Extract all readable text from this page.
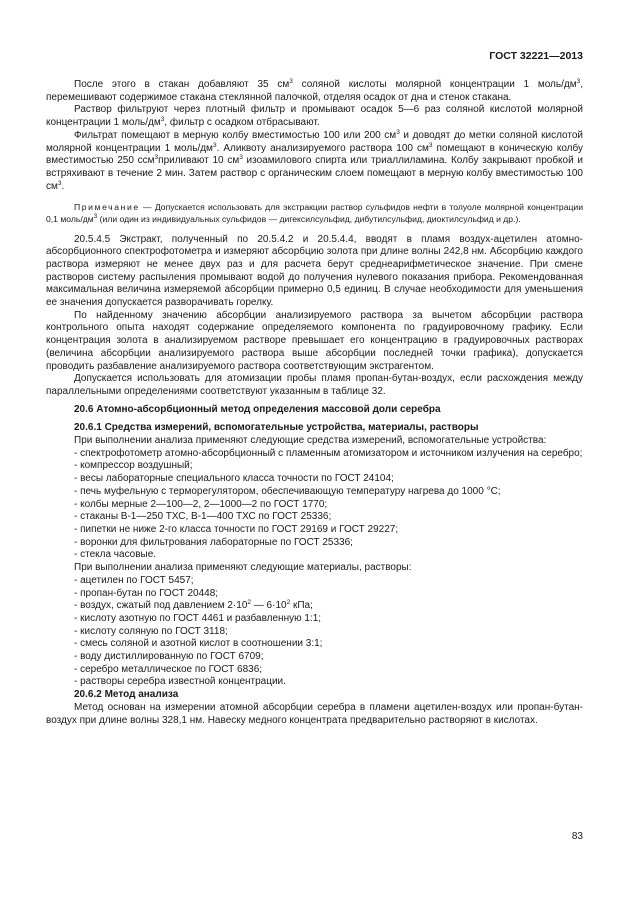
ГОСТ 32221—2013

После этого в стакан добавляют 35 $см^3$ соляной кислоты молярной концентрации 1 моль/$дм^3$, перемешивают содержимое стакана стеклянной палочкой, отделяя осадок от дна и стенок стакана.

Раствор фильтруют через плотный фильтр и промывают осадок 5—6 раз соляной кислотой молярной концентрации 1 моль/$дм^3$, фильтр с осадком отбрасывают.

Фильтрат помещают в мерную колбу вместимостью 100 или 200 $см^3$ и доводят до метки соляной кислотой молярной концентрации 1 моль/$дм^3$. Аликвоту анализируемого раствора 100 $см^3$ помещают в коническую колбу вместимостью 250 ссм$^3$приливают 10 $см^3$ изоамилового спирта или триаллиламина. Колбу закрывают пробкой и встряхивают в течение 2 мин. Затем раствор с органическим слоем помещают в мерную колбу вместимостью 100 $см^3$.

Примечание — Допускается использовать для экстракции раствор сульфидов нефти в толуоле молярной концентрации 0,1 моль/$дм^3$ (или один из индивидуальных сульфидов — дигексилсульфид, дибутилсульфид, диоктилсульфид и др.).

20.5.4.5 Экстракт, полученный по 20.5.4.2 и 20.5.4.4, вводят в пламя воздух-ацетилен атомно-абсорбционного спектрофотометра и измеряют абсорбцию золота при длине волны 242,8 нм. Абсорбцию каждого раствора измеряют не менее двух раз и для расчета берут среднеарифметическое значение. При смене растворов систему распыления промывают водой до получения нулевого показания прибора. Рекомендованная максимальная величина измеряемой абсорбции примерно 0,5 единиц. В случае необходимости для уменьшения ее значения допускается разворачивать горелку.

По найденному значению абсорбции анализируемого раствора за вычетом абсорбции раствора контрольного опыта находят содержание определяемого компонента по градуировочному графику. Если концентрация золота в анализируемом растворе превышает его концентрацию в градуировочных растворах (величина абсорбции анализируемого раствора выше абсорбции последней точки графика), допускается проводить разбавление анализируемого раствора соответствующим экстрагентом.

Допускается использовать для атомизации пробы пламя пропан-бутан-воздух, если расхождения между параллельными определениями соответствуют указанным в таблице 32.

20.6 Атомно-абсорбционный метод определения массовой доли серебра

20.6.1 Средства измерений, вспомогательные устройства, материалы, растворы

При выполнении анализа применяют следующие средства измерений, вспомогательные устройства:

- спектрофотометр атомно-абсорбционный с пламенным атомизатором и источником излучения на серебро;

- компрессор воздушный;

- весы лабораторные специального класса точности по ГОСТ 24104;

- печь муфельную с терморегулятором, обеспечивающую температуру нагрева до 1000 °С;

- колбы мерные 2—100—2, 2—1000—2 по ГОСТ 1770;

- стаканы В-1—250 ТХС, В-1—400 ТХС по ГОСТ 25336;

- пипетки не ниже 2-го класса точности по ГОСТ 29169 и ГОСТ 29227;

- воронки для фильтрования лабораторные по ГОСТ 25336;

- стекла часовые.

При выполнении анализа применяют следующие материалы, растворы:

- ацетилен по ГОСТ 5457;

- пропан-бутан по ГОСТ 20448;

- воздух, сжатый под давлением $2\cdot 10^2$ — $6\cdot 10^2$ кПа;

- кислоту азотную по ГОСТ 4461 и разбавленную 1:1;

- кислоту соляную по ГОСТ 3118;

- смесь соляной и азотной кислот в соотношении 3:1;

- воду дистиллированную по ГОСТ 6709;

- серебро металлическое по ГОСТ 6836;

- растворы серебра известной концентрации.

20.6.2 Метод анализа

Метод основан на измерении атомной абсорбции серебра в пламени ацетилен-воздух или пропан-бутан-воздух при длине волны 328,1 нм. Навеску медного концентрата предварительно растворяют в кислотах.

83
